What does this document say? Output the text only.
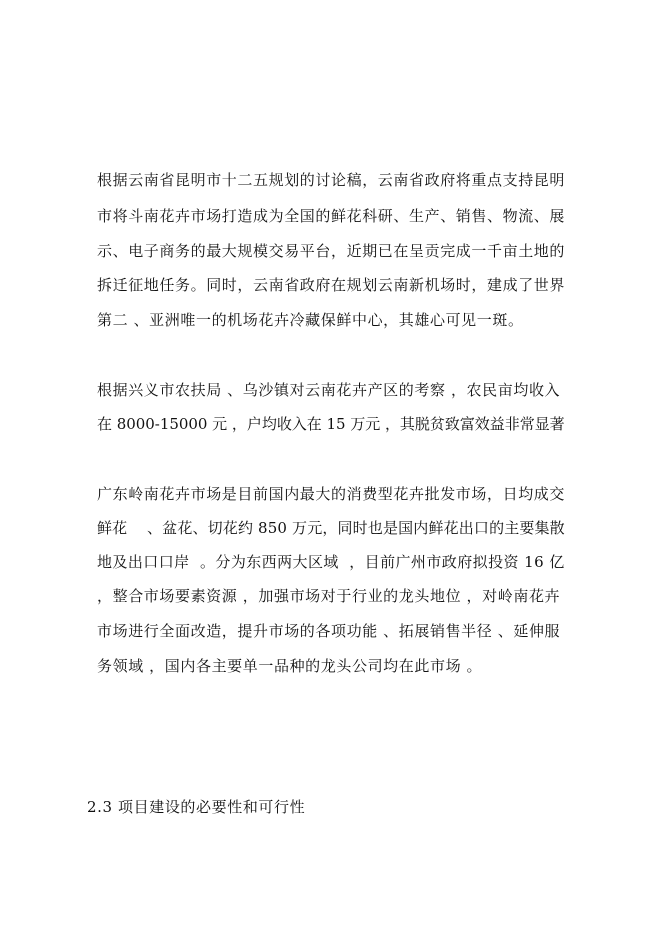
根据云南省昆明市十二五规划的讨论稿，云南省政府将重点支持昆明
市将斗南花卉市场打造成为全国的鲜花科研、生产、销售、物流、展
示、电子商务的最大规模交易平台，近期已在呈贡完成一千亩土地的
拆迁征地任务。同时，云南省政府在规划云南新机场时，建成了世界
第二 、亚洲唯一的机场花卉冷藏保鲜中心，其雄心可见一斑。
根据兴义市农扶局 、乌沙镇对云南花卉产区的考察 ，农民亩均收入
在 8000-15000 元 ，户均收入在 15 万元 ，其脱贫致富效益非常显著
广东岭南花卉市场是目前国内最大的消费型花卉批发市场，日均成交
鲜花    、盆花、切花约 850 万元，同时也是国内鲜花出口的主要集散
地及出口口岸  。分为东西两大区域  ，目前广州市政府拟投资 16 亿
，整合市场要素资源 ，加强市场对于行业的龙头地位 ，对岭南花卉
市场进行全面改造，提升市场的各项功能 、拓展销售半径 、延伸服
务领域 ，国内各主要单一品种的龙头公司均在此市场 。
2.3 项目建设的必要性和可行性
